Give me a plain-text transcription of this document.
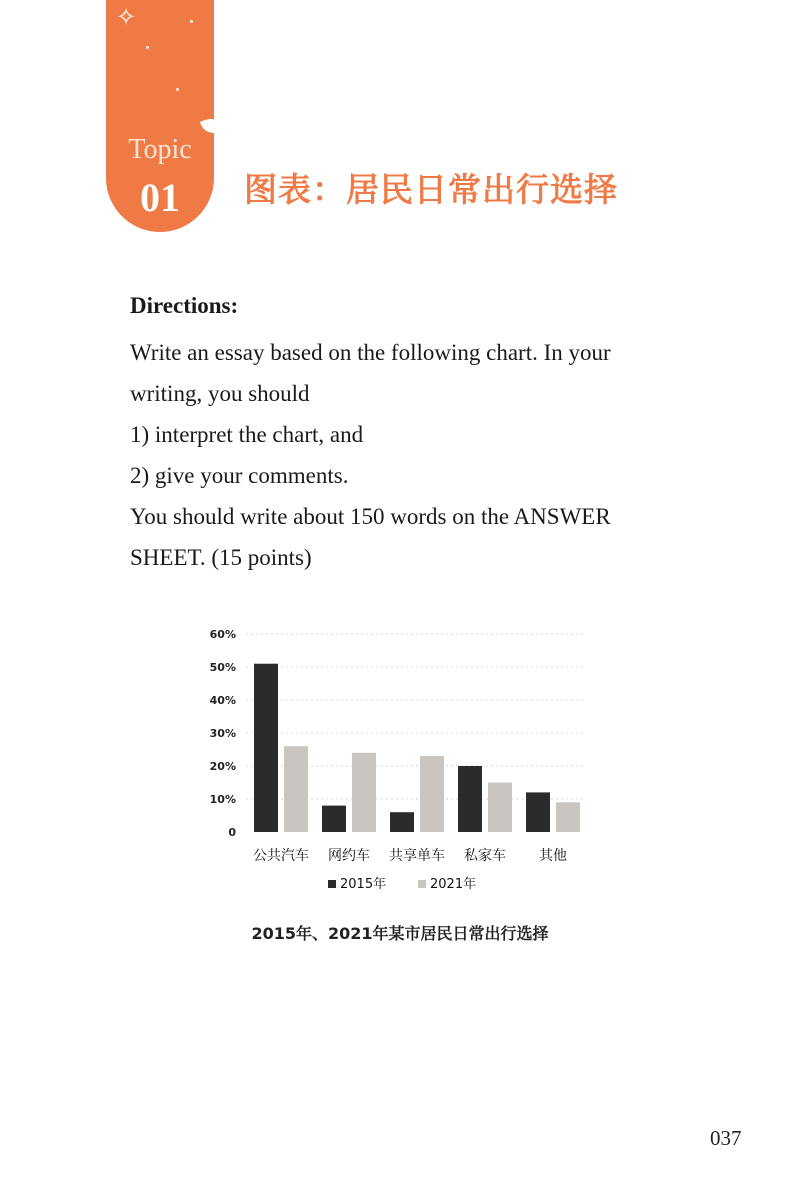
✧
Topic
01	图表：居民日常出行选择
Directions:
Write an essay based on the following chart. In your
writing, you should
1) interpret the chart, and
2) give your comments.
You should write about 150 words on the ANSWER
SHEET. (15 points)
0
10%
20%
30%
40%
50%
60%
公共汽车 网约车 共享单车 私家车 其他
2015年	2021年
2015年、2021年某市居民日常出行选择
037
